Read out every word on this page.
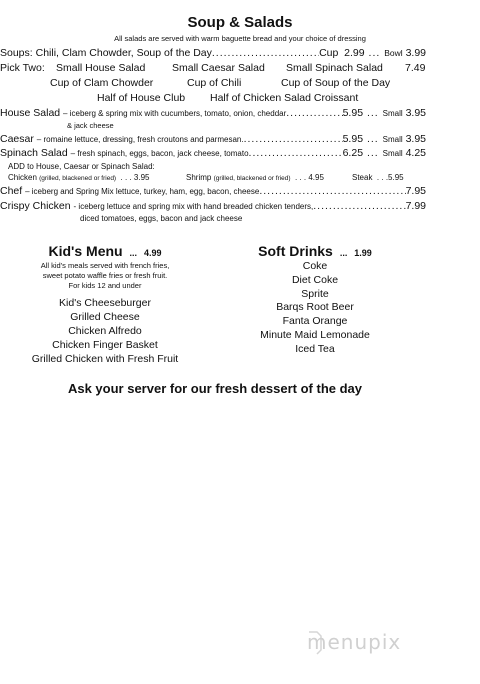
Soup & Salads
All salads are served with warm baguette bread and your choice of dressing
Soups:
Chili, Clam Chowder, Soup of the Day .....	Cup
2.99 ... Bowl
3.99
Pick Two: Small House Salad	Small Caesar Salad Small Spinach Salad 7.49
Cup of Clam Chowder	Cup of Chili	Cup of Soup of the Day
Half of House Club Half of Chicken Salad Croissant
House Salad
– iceberg & spring mix with cucumbers, tomato, onion, cheddar .....	5.95 ... Small
3.95
& jack cheese
Caesar
– romaine lettuce, dressing, fresh croutons and parmesan. .....	5.95 ... Small
3.95
Spinach Salad
– fresh spinach, eggs, bacon, jack cheese, tomato .....	6.25 ... Small
4.25
ADD to House, Caesar or Spinach Salad:
Chicken (grilled, blackened or fried)  . . . 3.95	Shrimp (grilled, blackened or fried)  . . . 4.95	Steak  . . .5.95
Chef
– iceberg and Spring Mix lettuce, turkey, ham, egg, bacon, cheese .....	7.95
Crispy Chicken
- iceberg lettuce and spring mix with hand breaded chicken tenders, .....	7.99
diced tomatoes, eggs, bacon and jack cheese
Kid's Menu  ...  4.99
All kid's meals served with french fries,
sweet potato waffle fries or fresh fruit.
For kids 12 and under
Kid's Cheeseburger
Grilled Cheese
Chicken Alfredo
Chicken Finger Basket
Grilled Chicken with Fresh Fruit
Soft Drinks  ...  1.99
Coke
Diet Coke
Sprite
Barqs Root Beer
Fanta Orange
Minute Maid Lemonade
Iced Tea
Ask your server for our fresh dessert of the day
menupix
